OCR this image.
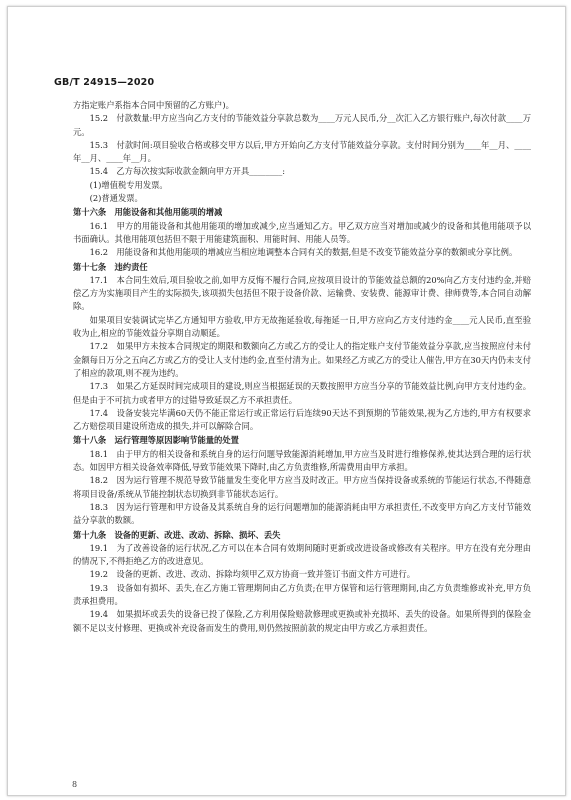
GB/T 24915—2020

方指定账户系指本合同中预留的乙方账户)。

15.2　付款数量:甲方应当向乙方支付的节能效益分享款总数为____万元人民币,分__次汇入乙方银行账户,每次付款____万元。

15.3　付款时间:项目验收合格或移交甲方以后,甲方开始向乙方支付节能效益分享款。支付时间分别为____年__月、____年__月、____年__月。

15.4　乙方每次按实际收款金额向甲方开具________:

(1)增值税专用发票。

(2)普通发票。

第十六条　用能设备和其他用能项的增减

16.1　甲方的用能设备和其他用能项的增加或减少,应当通知乙方。甲乙双方应当对增加或减少的设备和其他用能项予以书面确认。其他用能项包括但不限于用能建筑面积、用能时间、用能人员等。

16.2　用能设备和其他用能项的增减应当相应地调整本合同有关的数据,但是不改变节能效益分享的数额或分享比例。

第十七条　违约责任

17.1　本合同生效后,项目验收之前,如甲方反悔不履行合同,应按项目设计的节能效益总额的20%向乙方支付违约金,并赔偿乙方为实施项目产生的实际损失,该项损失包括但不限于设备价款、运输费、安装费、能源审计费、律师费等,本合同自动解除。

如果项目安装调试完毕乙方通知甲方验收,甲方无故拖延验收,每拖延一日,甲方应向乙方支付违约金____元人民币,直至验收为止,相应的节能效益分享期自动顺延。

17.2　如果甲方未按本合同规定的期限和数额向乙方或乙方的受让人的指定账户支付节能效益分享款,应当按照应付未付金额每日万分之五向乙方或乙方的受让人支付违约金,直至付清为止。如果经乙方或乙方的受让人催告,甲方在30天内仍未支付了相应的款项,则不视为违约。

17.3　如果乙方延误时间完成项目的建设,则应当根据延误的天数按照甲方应当分享的节能效益比例,向甲方支付违约金。但是由于不可抗力或者甲方的过错导致延误乙方不承担责任。

17.4　设备安装完毕满60天仍不能正常运行或正常运行后连续90天达不到预期的节能效果,视为乙方违约,甲方有权要求乙方赔偿项目建设所造成的损失,并可以解除合同。

第十八条　运行管理等原因影响节能量的处置

18.1　由于甲方的相关设备和系统自身的运行问题导致能源消耗增加,甲方应当及时进行维修保养,使其达到合理的运行状态。如因甲方相关设备效率降低,导致节能效果下降时,由乙方负责维修,所需费用由甲方承担。

18.2　因为运行管理不规范导致节能量发生变化甲方应当及时改正。甲方应当保持设备或系统的节能运行状态,不得随意将项目设备/系统从节能控制状态切换到非节能状态运行。

18.3　因为运行管理和甲方设备及其系统自身的运行问题增加的能源消耗由甲方承担责任,不改变甲方向乙方支付节能效益分享款的数额。

第十九条　设备的更新、改进、改动、拆除、损坏、丢失

19.1　为了改善设备的运行状况,乙方可以在本合同有效期间随时更新或改进设备或修改有关程序。甲方在没有充分理由的情况下,不得拒绝乙方的改进意见。

19.2　设备的更新、改进、改动、拆除均须甲乙双方协商一致并签订书面文件方可进行。

19.3　设备如有损坏、丢失,在乙方施工管理期间由乙方负责;在甲方保管和运行管理期间,由乙方负责维修或补充,甲方负责承担费用。

19.4　如果损坏或丢失的设备已投了保险,乙方利用保险赔款修理或更换或补充损坏、丢失的设备。如果所得到的保险金额不足以支付修理、更换或补充设备而发生的费用,则仍然按照前款的规定由甲方或乙方承担责任。

8
